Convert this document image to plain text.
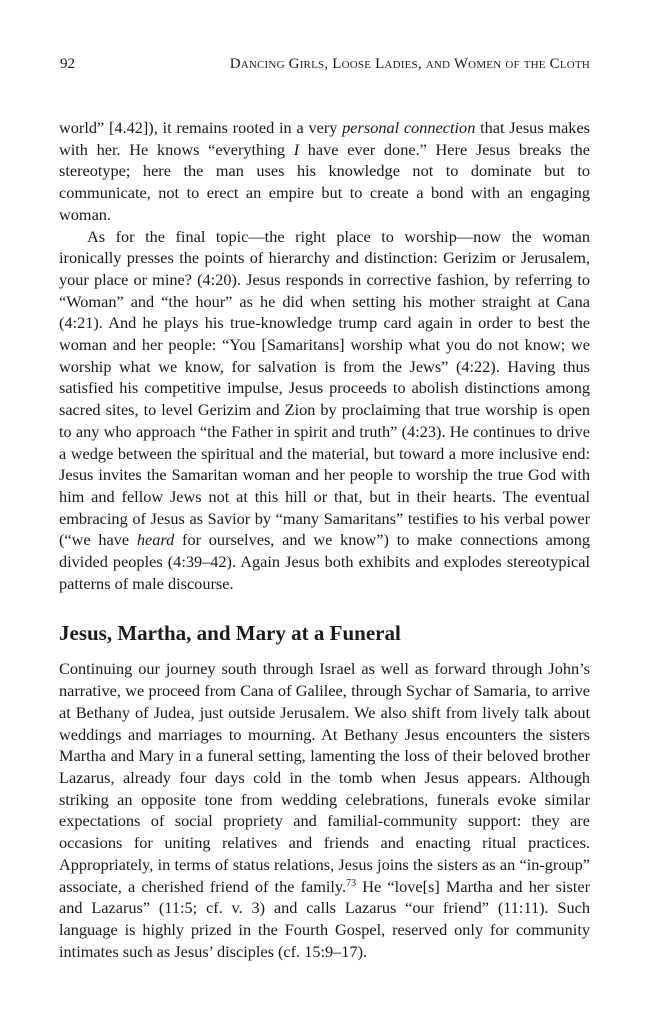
92	Dancing Girls, Loose Ladies, and Women of the Cloth

world” [4.42]), it remains rooted in a very personal connection that Jesus makes with her. He knows “everything I have ever done.” Here Jesus breaks the stereotype; here the man uses his knowledge not to dominate but to communicate, not to erect an empire but to create a bond with an engaging woman.

As for the final topic—the right place to worship—now the woman ironically presses the points of hierarchy and distinction: Gerizim or Jerusalem, your place or mine? (4:20). Jesus responds in corrective fashion, by referring to “Woman” and “the hour” as he did when setting his mother straight at Cana (4:21). And he plays his true-knowledge trump card again in order to best the woman and her people: “You [Samaritans] worship what you do not know; we worship what we know, for salvation is from the Jews” (4:22). Having thus satisfied his competitive impulse, Jesus proceeds to abolish distinctions among sacred sites, to level Gerizim and Zion by proclaiming that true worship is open to any who approach “the Father in spirit and truth” (4:23). He continues to drive a wedge between the spiritual and the material, but toward a more inclusive end: Jesus invites the Samaritan woman and her people to worship the true God with him and fellow Jews not at this hill or that, but in their hearts. The eventual embracing of Jesus as Savior by “many Samaritans” testifies to his verbal power (“we have heard for ourselves, and we know”) to make connections among divided peoples (4:39–42). Again Jesus both exhibits and explodes stereotypical patterns of male discourse.

Jesus, Martha, and Mary at a Funeral

Continuing our journey south through Israel as well as forward through John’s narrative, we proceed from Cana of Galilee, through Sychar of Samaria, to arrive at Bethany of Judea, just outside Jerusalem. We also shift from lively talk about weddings and marriages to mourning. At Bethany Jesus encounters the sisters Martha and Mary in a funeral setting, lamenting the loss of their beloved brother Lazarus, already four days cold in the tomb when Jesus appears. Although striking an opposite tone from wedding celebrations, funerals evoke similar expectations of social propriety and familial-community support: they are occasions for uniting relatives and friends and enacting ritual practices. Appropriately, in terms of status relations, Jesus joins the sisters as an “in-group” associate, a cherished friend of the family.$^{73}$ He “love[s] Martha and her sister and Lazarus” (11:5; cf. v. 3) and calls Lazarus “our friend” (11:11). Such language is highly prized in the Fourth Gospel, reserved only for community intimates such as Jesus’ disciples (cf. 15:9–17).
